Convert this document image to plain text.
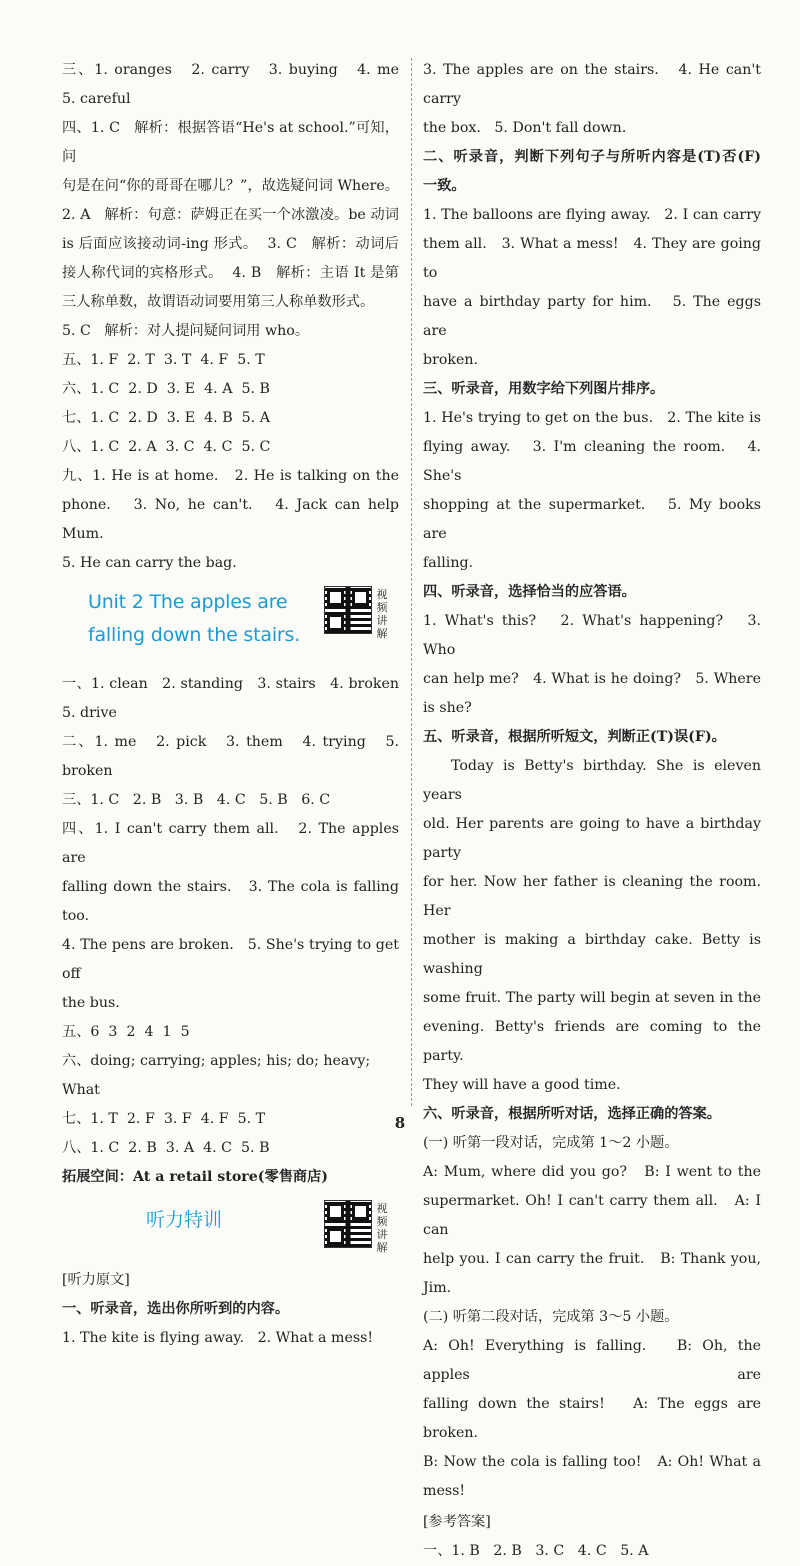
三、1. oranges   2. carry   3. buying   4. me
5. careful
四、1. C   解析：根据答语“He's at school.”可知，问
句是在问“你的哥哥在哪儿？”，故选疑问词 Where。
2. A   解析：句意：萨姆正在买一个冰激凌。be 动词
is 后面应该接动词-ing 形式。  3. C   解析：动词后
接人称代词的宾格形式。  4. B   解析：主语 It 是第
三人称单数，故谓语动词要用第三人称单数形式。
5. C   解析：对人提问疑问词用 who。
五、1. F  2. T  3. T  4. F  5. T
六、1. C  2. D  3. E  4. A  5. B
七、1. C  2. D  3. E  4. B  5. A
八、1. C  2. A  3. C  4. C  5. C
九、1. He is at home.   2. He is talking on the
phone.   3. No, he can't.   4. Jack can help Mum.
5. He can carry the bag.
Unit 2 The apples are
falling down the stairs.
视频讲解
一、1. clean   2. standing   3. stairs   4. broken
5. drive
二、1. me   2. pick   3. them   4. trying   5. broken
三、1. C   2. B   3. B   4. C   5. B   6. C
四、1. I can't carry them all.   2. The apples are
falling down the stairs.   3. The cola is falling too.
4. The pens are broken.   5. She's trying to get off
the bus.
五、6  3  2  4  1  5
六、doing; carrying; apples; his; do; heavy; What
七、1. T  2. F  3. F  4. F  5. T
八、1. C  2. B  3. A  4. C  5. B
拓展空间：At a retail store(零售商店)
听力特训
视频讲解
[听力原文]
一、听录音，选出你所听到的内容。
1. The kite is flying away.   2. What a mess!
3. The apples are on the stairs.   4. He can't carry
the box.   5. Don't fall down.
二、听录音，判断下列句子与所听内容是(T)否(F)
一致。
1. The balloons are flying away.   2. I can carry
them all.   3. What a mess!   4. They are going to
have a birthday party for him.   5. The eggs are
broken.
三、听录音，用数字给下列图片排序。
1. He's trying to get on the bus.   2. The kite is
flying away.   3. I'm cleaning the room.   4. She's
shopping at the supermarket.   5. My books are
falling.
四、听录音，选择恰当的应答语。
1. What's this?   2. What's happening?   3. Who
can help me?   4. What is he doing?   5. Where
is she?
五、听录音，根据所听短文，判断正(T)误(F)。
Today is Betty's birthday. She is eleven years
old. Her parents are going to have a birthday party
for her. Now her father is cleaning the room. Her
mother is making a birthday cake. Betty is washing
some fruit. The party will begin at seven in the
evening. Betty's friends are coming to the party.
They will have a good time.
六、听录音，根据所听对话，选择正确的答案。
(一) 听第一段对话，完成第 1～2 小题。
A: Mum, where did you go?   B: I went to the
supermarket. Oh! I can't carry them all.   A: I can
help you. I can carry the fruit.   B: Thank you, Jim.
(二) 听第二段对话，完成第 3～5 小题。
A: Oh! Everything is falling.   B: Oh, the apples are
falling down the stairs!   A: The eggs are broken.
B: Now the cola is falling too!   A: Oh! What a
mess!
[参考答案]
一、1. B   2. B   3. C   4. C   5. A
8
